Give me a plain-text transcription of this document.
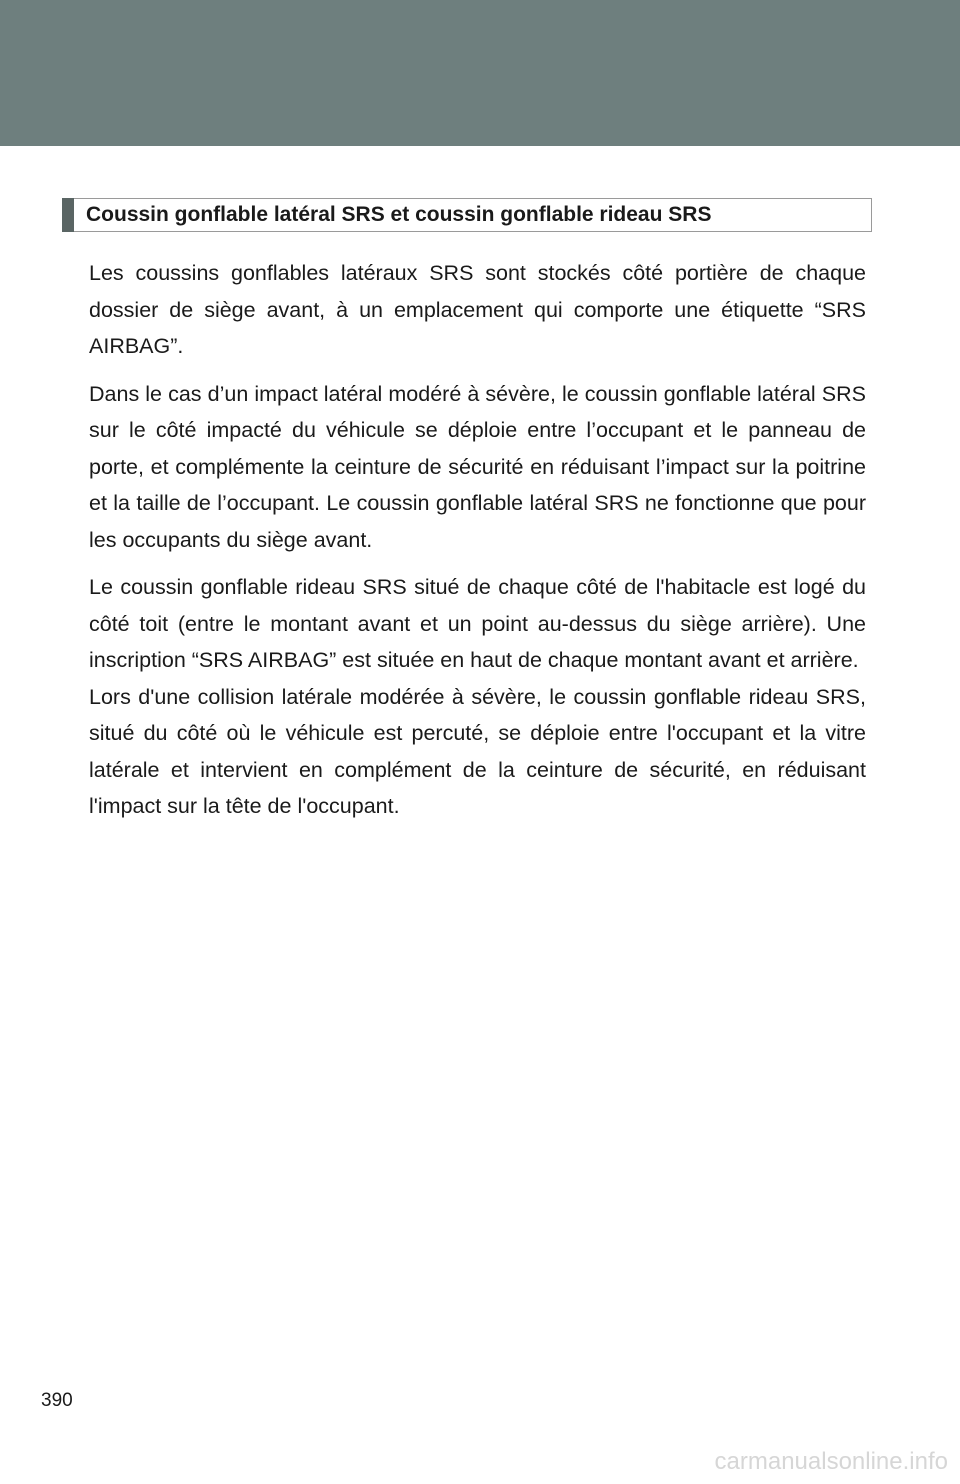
Coussin gonflable latéral SRS et coussin gonflable rideau SRS

Les coussins gonflables latéraux SRS sont stockés côté portière de chaque dossier de siège avant, à un emplacement qui comporte une étiquette “SRS AIRBAG”.

Dans le cas d’un impact latéral modéré à sévère, le coussin gonflable latéral SRS sur le côté impacté du véhicule se déploie entre l’occupant et le panneau de porte, et complémente la ceinture de sécurité en réduisant l’impact sur la poitrine et la taille de l’occupant. Le coussin gonflable latéral SRS ne fonctionne que pour les occupants du siège avant.

Le coussin gonflable rideau SRS situé de chaque côté de l'habitacle est logé du côté toit (entre le montant avant et un point au-dessus du siège arrière). Une inscription “SRS AIRBAG” est située en haut de chaque montant avant et arrière.

Lors d'une collision latérale modérée à sévère, le coussin gonflable rideau SRS, situé du côté où le véhicule est percuté, se déploie entre l'occupant et la vitre latérale et intervient en complément de la ceinture de sécurité, en réduisant l'impact sur la tête de l'occupant.

390
carmanualsonline.info
